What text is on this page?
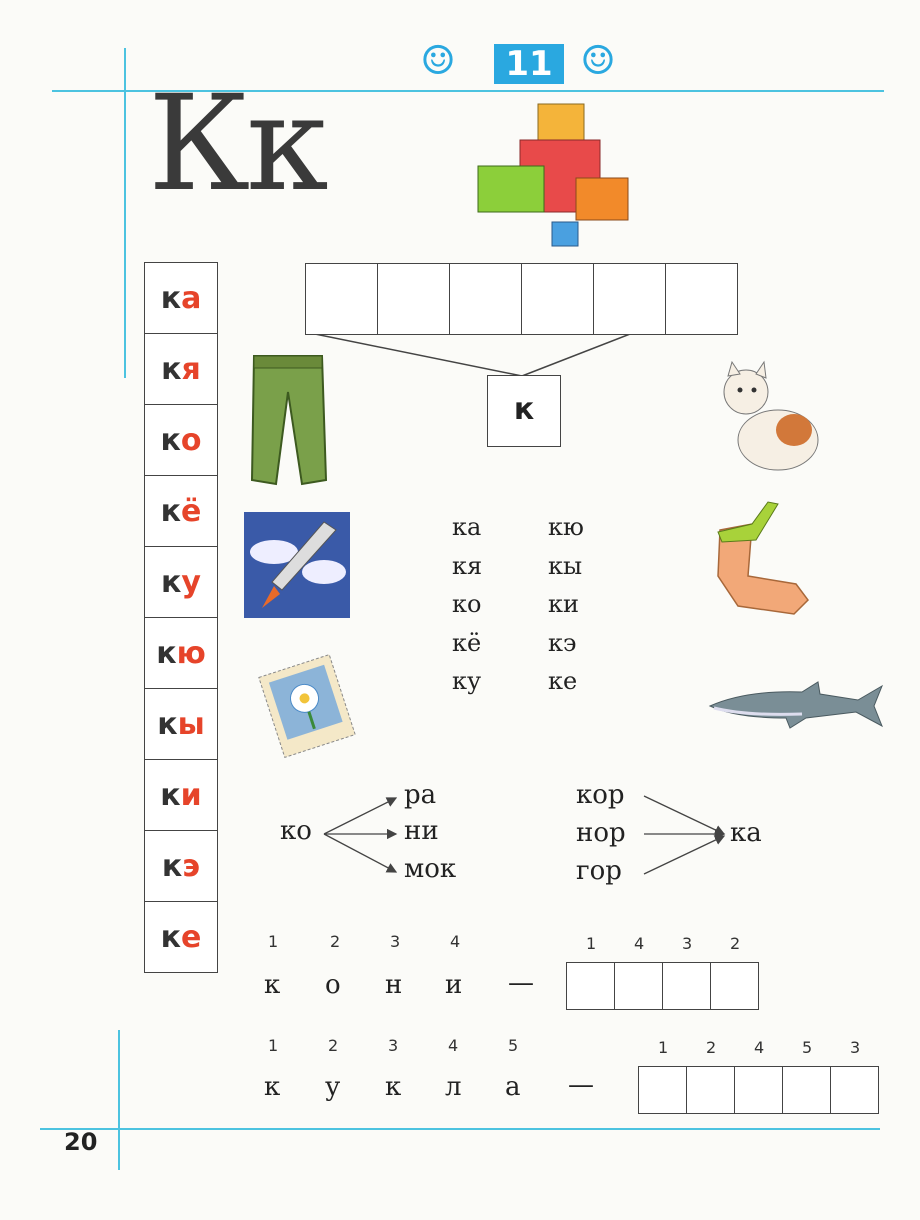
☺	11 ☺
Кк
к а
к я
к о
к ё
к у
к ю
к ы
к и
к э
к е
к
ка
кя
ко
кё
ку
кю
кы
ки
кэ
ке
ко
ра
ни
мок
кор
нор
гор
ка
1	2	3	4
к о н и —
1 4 3 2
1	2	3	4	5
к у к л а —
1 2 4 5 3
20
